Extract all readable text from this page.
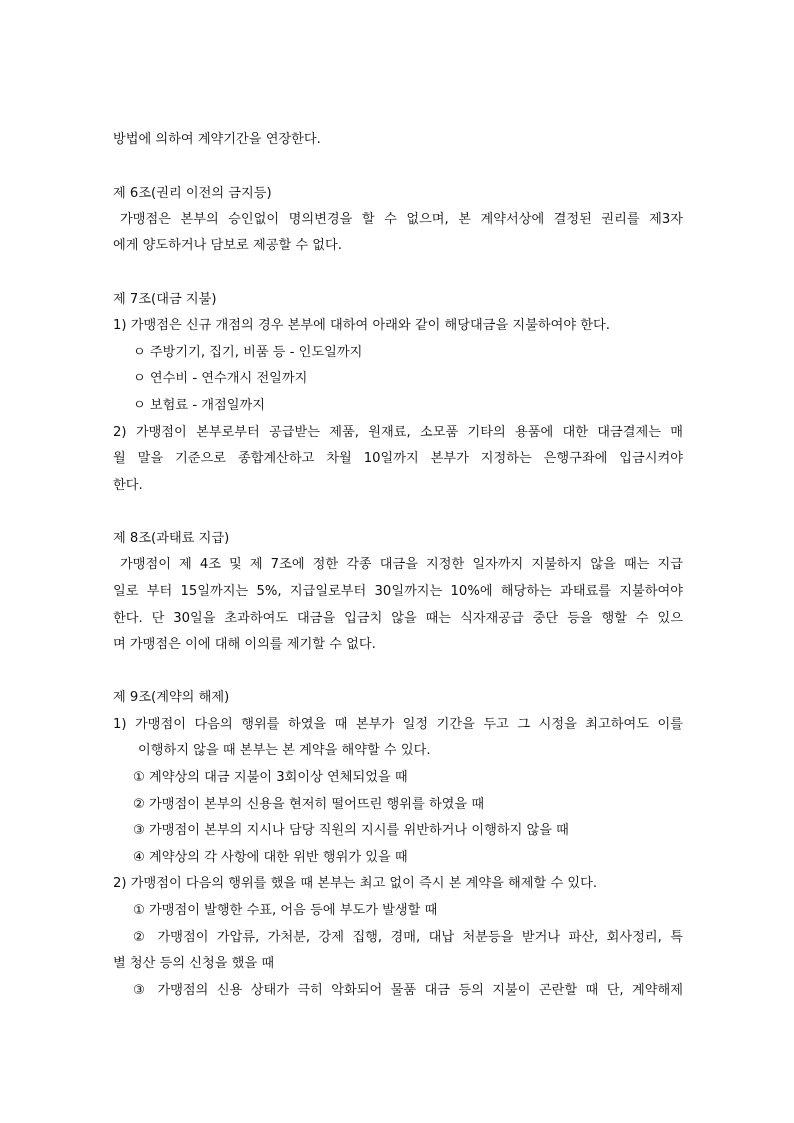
방법에 의하여 계약기간을 연장한다.
제 6조(권리 이전의 금지등)
가맹점은 본부의 승인없이 명의변경을 할 수 없으며, 본 계약서상에 결정된 권리를 제3자
에게 양도하거나 담보로 제공할 수 없다.
제 7조(대금 지불)
1) 가맹점은 신규 개점의 경우 본부에 대하여 아래와 같이 해당대금을 지불하여야 한다.
ㅇ 주방기기, 집기, 비품 등 - 인도일까지
ㅇ 연수비 - 연수개시 전일까지
ㅇ 보험료 - 개점일까지
2) 가맹점이 본부로부터 공급받는 제품, 원재료, 소모품 기타의 용품에 대한 대금결제는 매
월 말을 기준으로 종합계산하고 차월 10일까지 본부가 지정하는 은행구좌에 입금시켜야
한다.
제 8조(과태료 지급)
가맹점이 제 4조 및 제 7조에 정한 각종 대금을 지정한 일자까지 지불하지 않을 때는 지급
일로 부터 15일까지는 5%, 지급일로부터 30일까지는 10%에 해당하는 과태료를 지불하여야
한다. 단 30일을 초과하여도 대금을 입금치 않을 때는 식자재공급 중단 등을 행할 수 있으
며 가맹점은 이에 대해 이의를 제기할 수 없다.
제 9조(계약의 해제)
1) 가맹점이 다음의 행위를 하였을 때 본부가 일정 기간을 두고 그 시정을 최고하여도 이를
이행하지 않을 때 본부는 본 계약을 해약할 수 있다.
① 계약상의 대금 지불이 3회이상 연체되었을 때
② 가맹점이 본부의 신용을 현저히 떨어뜨린 행위를 하였을 때
③ 가맹점이 본부의 지시나 담당 직원의 지시를 위반하거나 이행하지 않을 때
④ 계약상의 각 사항에 대한 위반 행위가 있을 때
2) 가맹점이 다음의 행위를 했을 때 본부는 최고 없이 즉시 본 계약을 해제할 수 있다.
① 가맹점이 발행한 수표, 어음 등에 부도가 발생할 때
② 가맹점이 가압류, 가처분, 강제 집행, 경매, 대납 처분등을 받거나 파산, 회사정리, 특
별 청산 등의 신청을 했을 때
③ 가맹점의 신용 상태가 극히 악화되어 물품 대금 등의 지불이 곤란할 때 단, 계약해제
